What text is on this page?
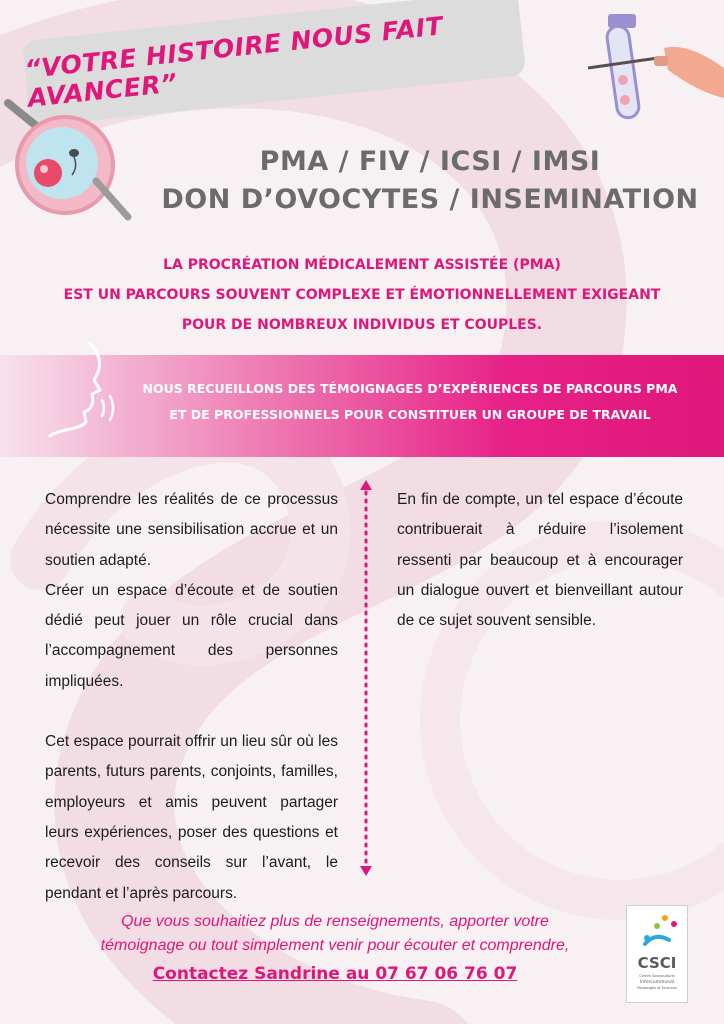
“VOTRE HISTOIRE NOUS FAIT AVANCER”
PMA / FIV / ICSI / IMSI
DON D’OVOCYTES / INSEMINATION
LA PROCRÉATION MÉDICALEMENT ASSISTÉE (PMA)
EST UN PARCOURS SOUVENT COMPLEXE ET ÉMOTIONNELLEMENT EXIGEANT
POUR DE NOMBREUX INDIVIDUS ET COUPLES.
NOUS RECUEILLONS DES TÉMOIGNAGES D’EXPÉRIENCES DE PARCOURS PMA
ET DE PROFESSIONNELS POUR CONSTITUER UN GROUPE DE TRAVAIL

Comprendre les réalités de ce processus nécessite une sensibilisation accrue et un soutien adapté.

Créer un espace d’écoute et de soutien dédié peut jouer un rôle crucial dans l’accompagnement des personnes impliquées.

Cet espace pourrait offrir un lieu sûr où les parents, futurs parents, conjoints, familles, employeurs et amis peuvent partager leurs expériences, poser des questions et recevoir des conseils sur l’avant, le pendant et l’après parcours.

En fin de compte, un tel espace d’écoute contribuerait à réduire l’isolement ressenti par beaucoup et à encourager un dialogue ouvert et bienveillant autour de ce sujet souvent sensible.

Que vous souhaitiez plus de renseignements, apporter votre
témoignage ou tout simplement venir pour écouter et comprendre,
Contactez Sandrine au 07 67 06 76 07
CSCI
Centre Socioculturel
Intercommunal
Pouzauges et Environs
